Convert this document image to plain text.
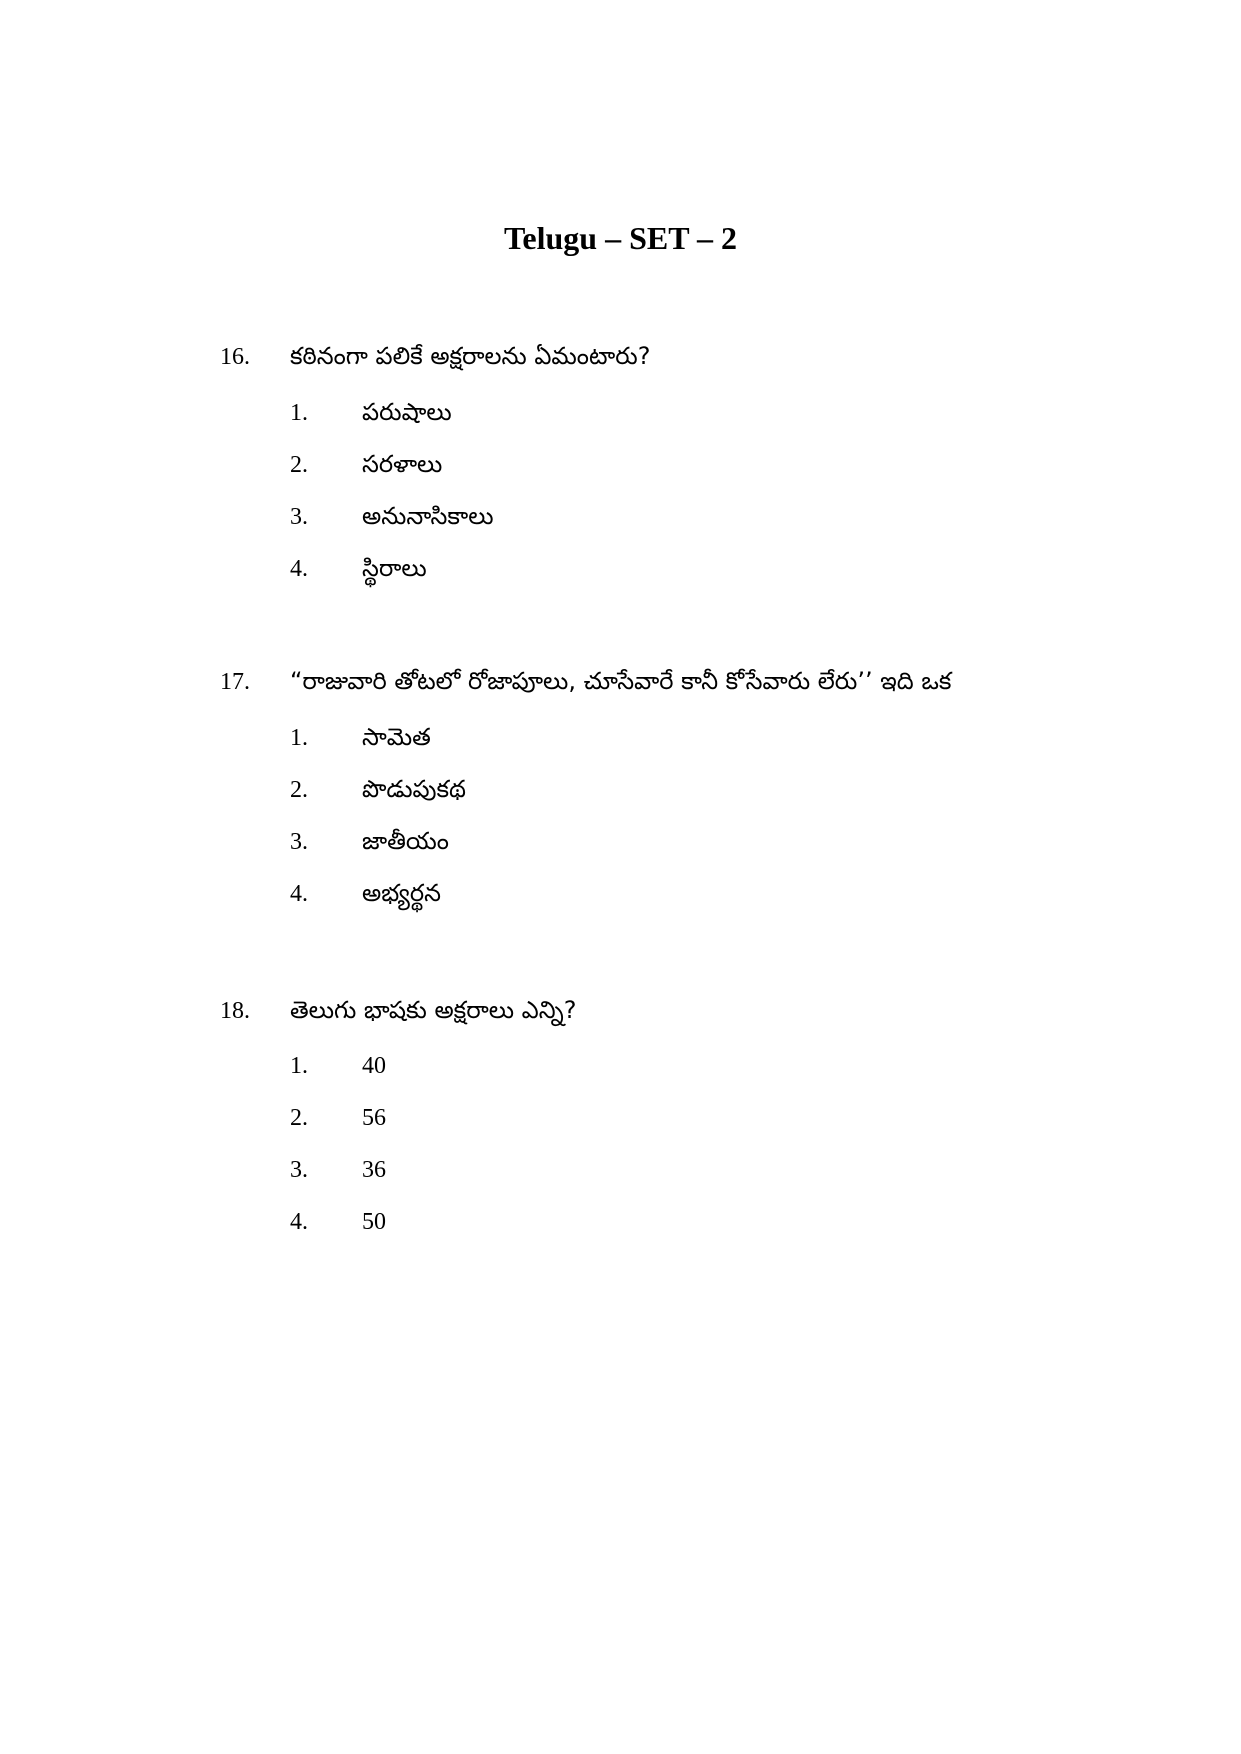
Telugu – SET – 2
16.	కఠినంగా పలికే అక్షరాలను ఏమంటారు?
1.	పరుషాలు
2.	సరళాలు
3.	అనునాసికాలు
4.	స్థిరాలు
17.	“రాజువారి తోటలో రోజాపూలు, చూసేవారే కానీ కోసేవారు లేరు’’ ఇది ఒక
1.	సామెత
2.	పొడుపుకథ
3.	జాతీయం
4.	అభ్యర్థన
18.	తెలుగు భాషకు అక్షరాలు ఎన్ని?
1.	40
2.	56
3.	36
4.	50
